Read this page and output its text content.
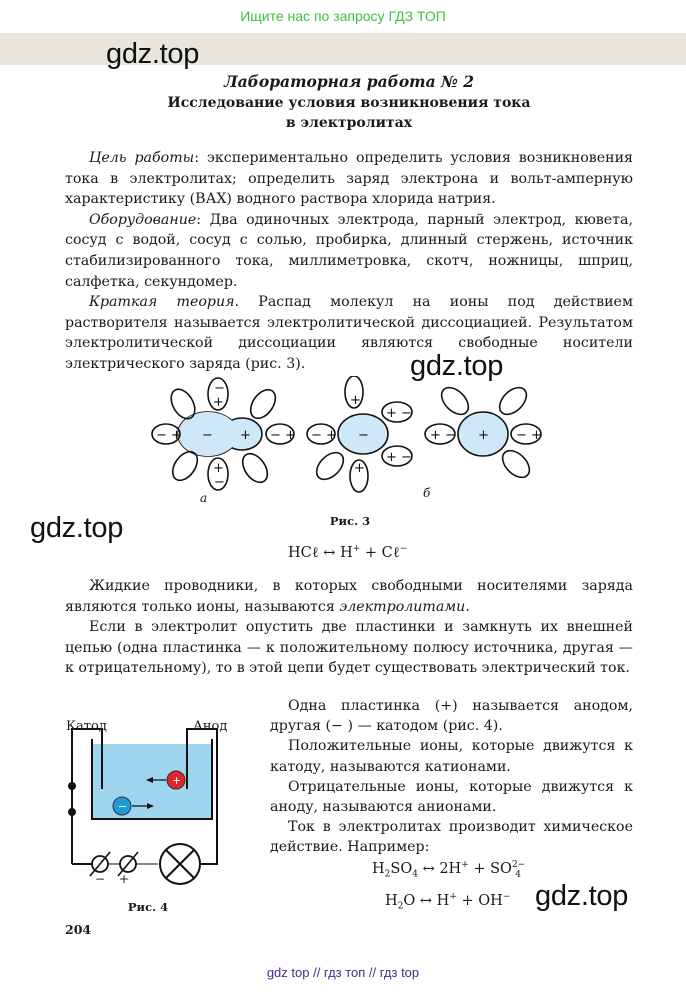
Ищите нас по запросу ГДЗ ТОП
gdz.top
gdz.top
gdz.top
gdz.top
Лабораторная работа № 2
Исследование условия возникновения тока
в электролитах

Цель работы: экспериментально определить условия возникновения тока в электролитах; определить заряд электрона и вольт-амперную характеристику (ВАХ) водного раствора хлорида натрия.

Оборудование: Два одиночных электрода, парный электрод, кювета, сосуд с водой, сосуд с солью, пробирка, длинный стержень, источник стабилизированного тока, миллиметровка, скотч, ножницы, шприц, салфетка, секундомер.

Краткая теория. Распад молекул на ионы под действием растворителя называется электролитической диссоциацией. Результатом электролитической диссоциации являются свободные носители электрического заряда (рис. 3).

− +
− +	− +
−
+
+
−
−
− +
+
+ −
+ −
+
+
+ −	− +
а	б
Рис. 3
HCℓ ↔ H+ + Cℓ−

Жидкие проводники, в которых свободными носителями заряда являются только ионы, называются электролитами.

Если в электролит опустить две пластинки и замкнуть их внешней цепью (одна пластинка — к положительному полюсу источника, другая — к отрицательному), то в этой цепи будет существовать электрический ток.

+
−
Катод	Анод
− +
Рис. 4

Одна пластинка (+) называется анодом, другая (− ) — катодом (рис. 4).

Положительные ионы, которые движутся к катоду, называются катионами.

Отрицательные ионы, которые движутся к аноду, называются анионами.

Ток в электролитах производит химическое действие. Например:

$H_2SO_4$ ↔ $2H^+ + SO^{2-}_4$
$H_2O$ ↔ H+ + OH−
204
gdz top // гдз топ // гдз top
